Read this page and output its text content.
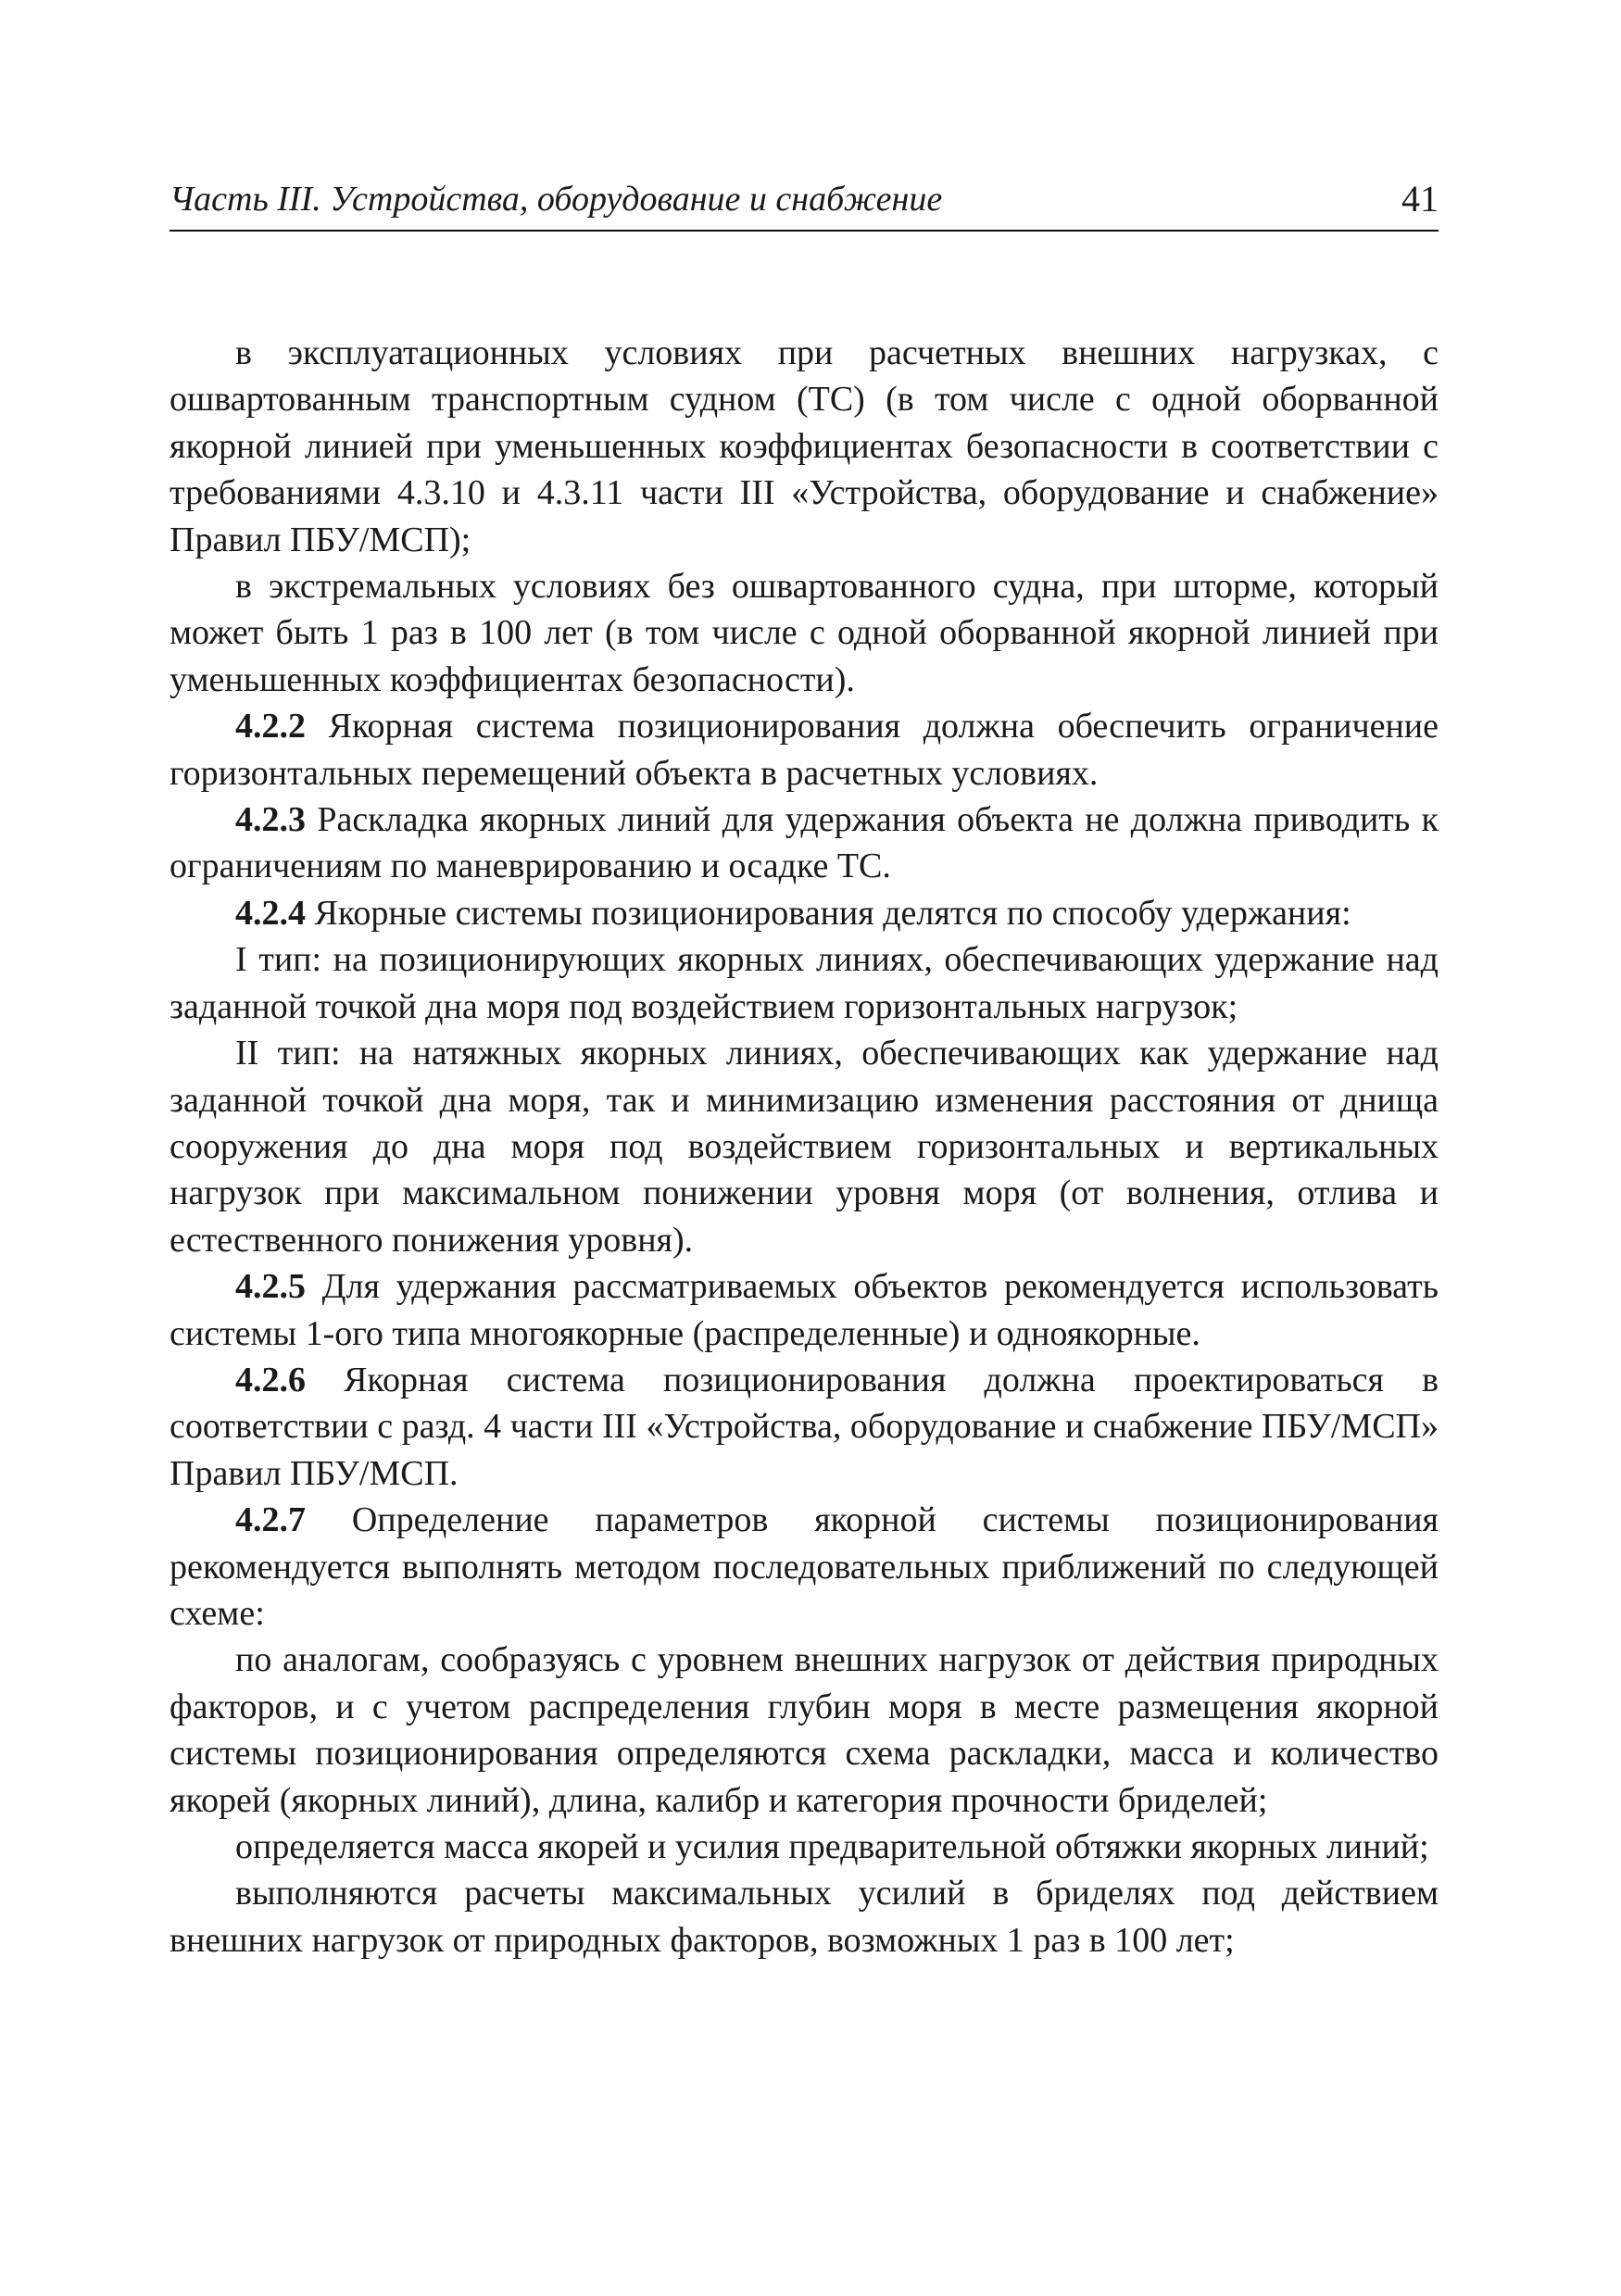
Часть III. Устройства, оборудование и снабжение	41

в эксплуатационных условиях при расчетных внешних нагрузках, с ошвартованным транспортным судном (ТС) (в том числе с одной оборванной якорной линией при уменьшенных коэффициентах безопасности в соответствии с требованиями 4.3.10 и 4.3.11 части III «Устройства, оборудование и снабжение» Правил ПБУ/МСП);

в экстремальных условиях без ошвартованного судна, при шторме, который может быть 1 раз в 100 лет (в том числе с одной оборванной якорной линией при уменьшенных коэффициентах безопасности).

4.2.2 Якорная система позиционирования должна обеспечить ограничение горизонтальных перемещений объекта в расчетных условиях.

4.2.3 Раскладка якорных линий для удержания объекта не должна приводить к ограничениям по маневрированию и осадке ТС.

4.2.4 Якорные системы позиционирования делятся по способу удержания:

I тип: на позиционирующих якорных линиях, обеспечивающих удержание над заданной точкой дна моря под воздействием горизонтальных нагрузок;

II тип: на натяжных якорных линиях, обеспечивающих как удержание над заданной точкой дна моря, так и минимизацию изменения расстояния от днища сооружения до дна моря под воздействием горизонтальных и вертикальных нагрузок при максимальном понижении уровня моря (от волнения, отлива и естественного понижения уровня).

4.2.5 Для удержания рассматриваемых объектов рекомендуется использовать системы 1-ого типа многоякорные (распределенные) и одноякорные.

4.2.6 Якорная система позиционирования должна проектироваться в соответствии с разд. 4 части III «Устройства, оборудование и снабжение ПБУ/МСП» Правил ПБУ/МСП.

4.2.7 Определение параметров якорной системы позиционирования рекомендуется выполнять методом последовательных приближений по следующей схеме:

по аналогам, сообразуясь с уровнем внешних нагрузок от действия природных факторов, и с учетом распределения глубин моря в месте размещения якорной системы позиционирования определяются схема раскладки, масса и количество якорей (якорных линий), длина, калибр и категория прочности бриделей;

определяется масса якорей и усилия предварительной обтяжки якорных линий;

выполняются расчеты максимальных усилий в бриделях под действием внешних нагрузок от природных факторов, возможных 1 раз в 100 лет;
